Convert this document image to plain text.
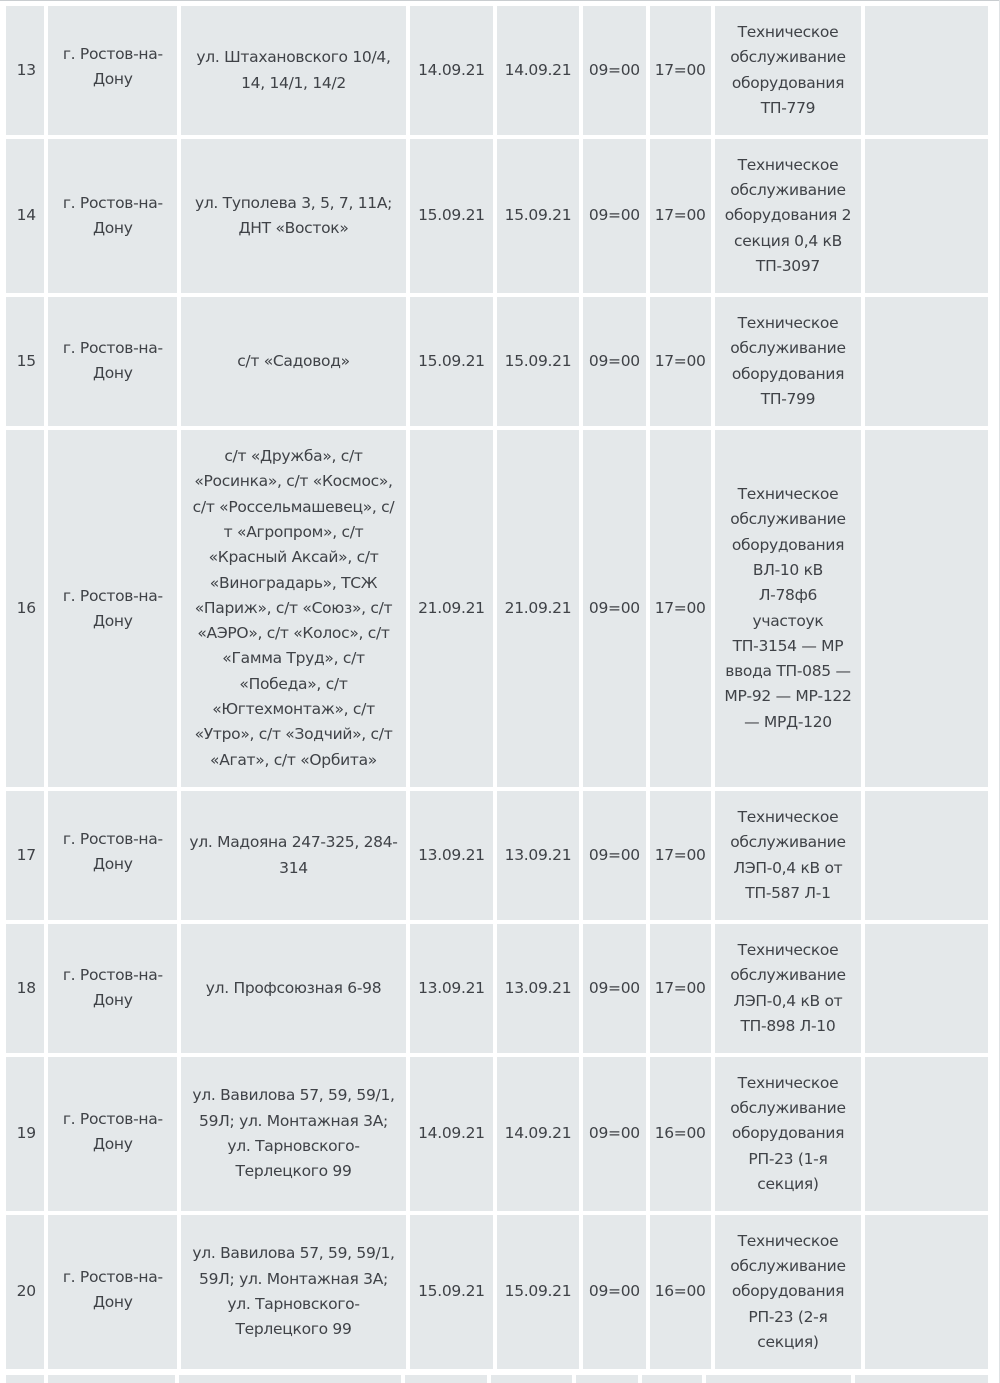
13	г. Ростов-на-Дону	ул. Штахановского 10/4, 14, 14/1, 14/2	14.09.21	14.09.21	09=00	17=00	Техническое обслуживание оборудования ТП-779	

14	г. Ростов-на-Дону	ул. Туполева 3, 5, 7, 11А; ДНТ «Восток»	15.09.21	15.09.21	09=00	17=00	Техническое обслуживание оборудования 2 секция 0,4 кВ ТП-3097	

15	г. Ростов-на-Дону	с/т «Садовод»	15.09.21	15.09.21	09=00	17=00	Техническое обслуживание оборудования ТП-799	

16	г. Ростов-на-Дону	с/т «Дружба», с/т «Росинка», с/т «Космос», с/т «Россельмашевец», с/т «Агропром», с/т «Красный Аксай», с/т «Виноградарь», ТСЖ «Париж», с/т «Союз», с/т «АЭРО», с/т «Колос», с/т «Гамма Труд», с/т «Победа», с/т «Югтехмонтаж», с/т «Утро», с/т «Зодчий», с/т «Агат», с/т «Орбита»	21.09.21	21.09.21	09=00	17=00	Техническое обслуживание оборудования ВЛ-10 кВ Л-78ф6 участоук ТП-3154 — МР ввода ТП-085 — МР-92 — МР-122 — МРД-120	

17	г. Ростов-на-Дону	ул. Мадояна 247-325, 284-314	13.09.21	13.09.21	09=00	17=00	Техническое обслуживание ЛЭП-0,4 кВ от ТП-587 Л-1	

18	г. Ростов-на-Дону	ул. Профсоюзная 6-98	13.09.21	13.09.21	09=00	17=00	Техническое обслуживание ЛЭП-0,4 кВ от ТП-898 Л-10	

19	г. Ростов-на-Дону	ул. Вавилова 57, 59, 59/1, 59Л; ул. Монтажная 3А; ул. Тарновского-Терлецкого 99	14.09.21	14.09.21	09=00	16=00	Техническое обслуживание оборудования РП-23 (1-я секция)	

20	г. Ростов-на-Дону	ул. Вавилова 57, 59, 59/1, 59Л; ул. Монтажная 3А; ул. Тарновского-Терлецкого 99	15.09.21	15.09.21	09=00	16=00	Техническое обслуживание оборудования РП-23 (2-я секция)	
